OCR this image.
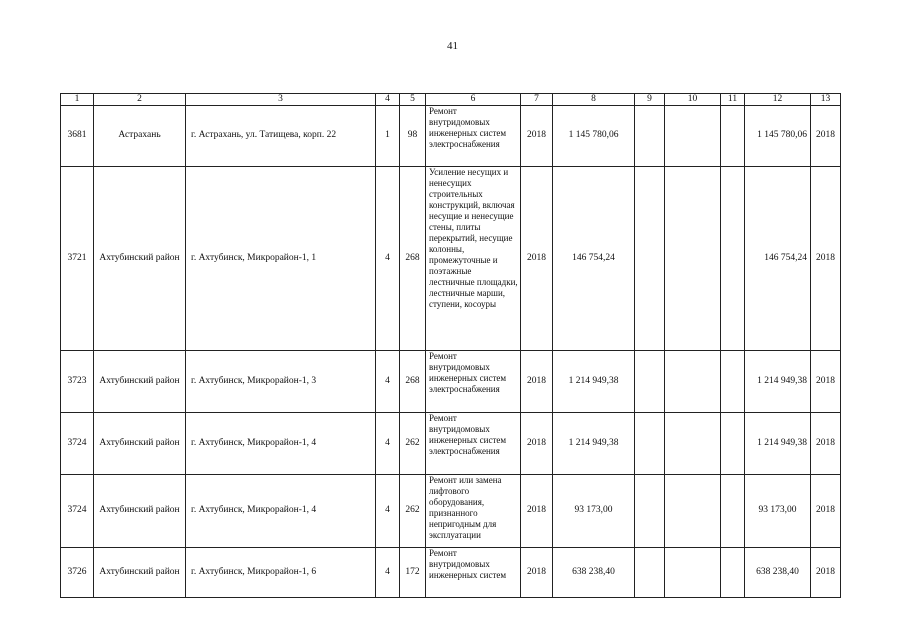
41
1	2	3	4	5	6	7	8	9	10	11	12	13
3681	Астрахань	г. Астрахань, ул. Татищева, корп. 22	1	98	Ремонт внутридомовых инженерных систем электроснабжения	2018	1 145 780,06				1 145 780,06	2018
3721	Ахтубинский район	г. Ахтубинск, Микрорайон-1, 1	4	268	Усиление несущих и ненесущих строительных конструкций, включая несущие и ненесущие стены, плиты перекрытий, несущие колонны, промежуточные и поэтажные лестничные площадки, лестничные марши, ступени, косоуры	2018	146 754,24				146 754,24	2018
3723	Ахтубинский район	г. Ахтубинск, Микрорайон-1, 3	4	268	Ремонт внутридомовых инженерных систем электроснабжения	2018	1 214 949,38				1 214 949,38	2018
3724	Ахтубинский район	г. Ахтубинск, Микрорайон-1, 4	4	262	Ремонт внутридомовых инженерных систем электроснабжения	2018	1 214 949,38				1 214 949,38	2018
3724	Ахтубинский район	г. Ахтубинск, Микрорайон-1, 4	4	262	Ремонт или замена лифтового оборудования, признанного непригодным для эксплуатации	2018	93 173,00				93 173,00	2018
3726	Ахтубинский район	г. Ахтубинск, Микрорайон-1, 6	4	172	Ремонт внутридомовых инженерных систем	2018	638 238,40				638 238,40	2018
